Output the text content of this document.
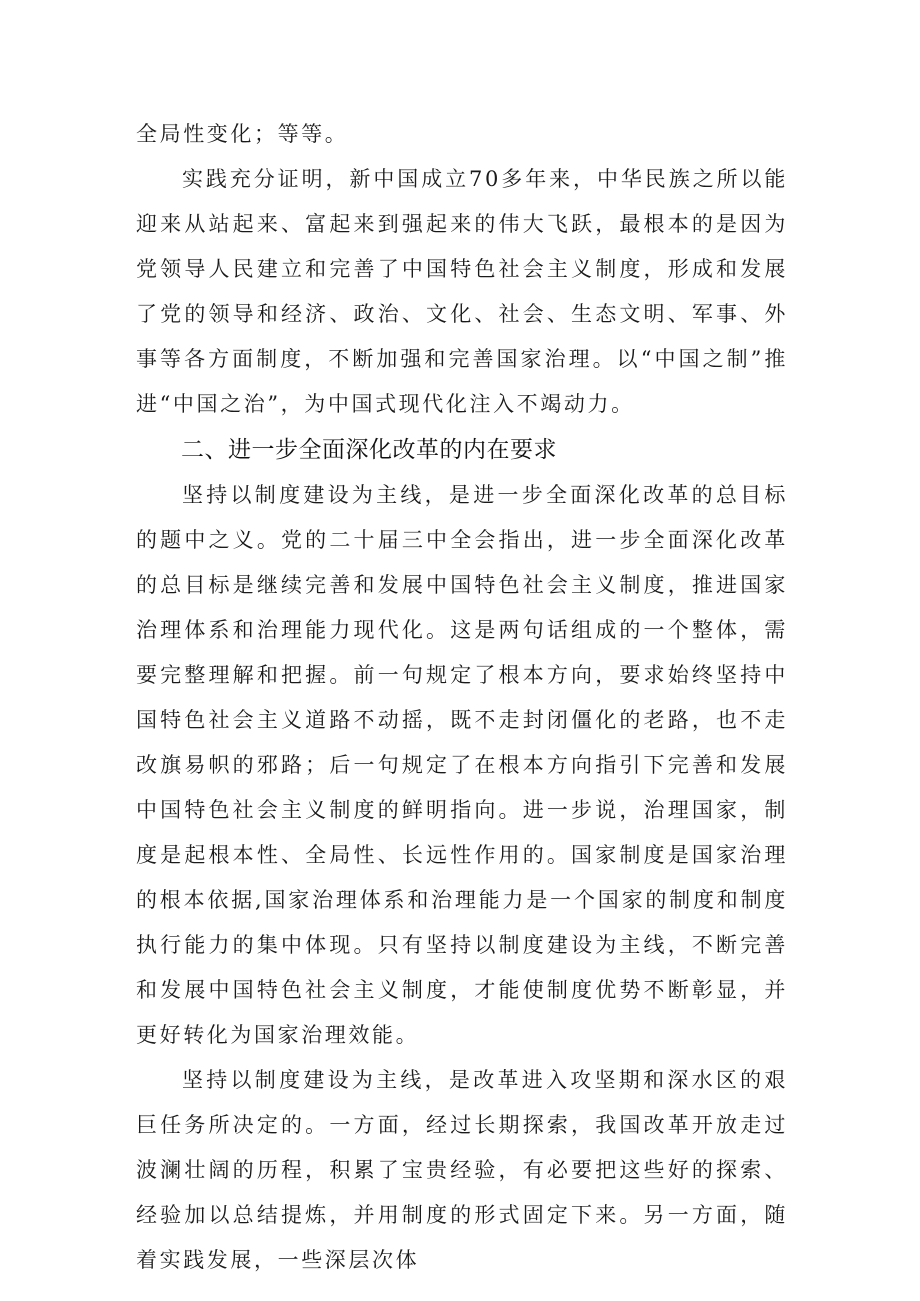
全局性变化；等等。

实践充分证明，新中国成立70多年来，中华民族之所以能迎来从站起来、富起来到强起来的伟大飞跃，最根本的是因为党领导人民建立和完善了中国特色社会主义制度，形成和发展了党的领导和经济、政治、文化、社会、生态文明、军事、外事等各方面制度，不断加强和完善国家治理。以“中国之制”推进“中国之治”，为中国式现代化注入不竭动力。

二、进一步全面深化改革的内在要求

坚持以制度建设为主线，是进一步全面深化改革的总目标的题中之义。党的二十届三中全会指出，进一步全面深化改革的总目标是继续完善和发展中国特色社会主义制度，推进国家治理体系和治理能力现代化。这是两句话组成的一个整体，需要完整理解和把握。前一句规定了根本方向，要求始终坚持中国特色社会主义道路不动摇，既不走封闭僵化的老路，也不走改旗易帜的邪路；后一句规定了在根本方向指引下完善和发展中国特色社会主义制度的鲜明指向。进一步说，治理国家，制度是起根本性、全局性、长远性作用的。国家制度是国家治理的根本依据,国家治理体系和治理能力是一个国家的制度和制度执行能力的集中体现。只有坚持以制度建设为主线，不断完善和发展中国特色社会主义制度，才能使制度优势不断彰显，并更好转化为国家治理效能。

坚持以制度建设为主线，是改革进入攻坚期和深水区的艰巨任务所决定的。一方面，经过长期探索，我国改革开放走过波澜壮阔的历程，积累了宝贵经验，有必要把这些好的探索、经验加以总结提炼，并用制度的形式固定下来。另一方面，随着实践发展，一些深层次体
